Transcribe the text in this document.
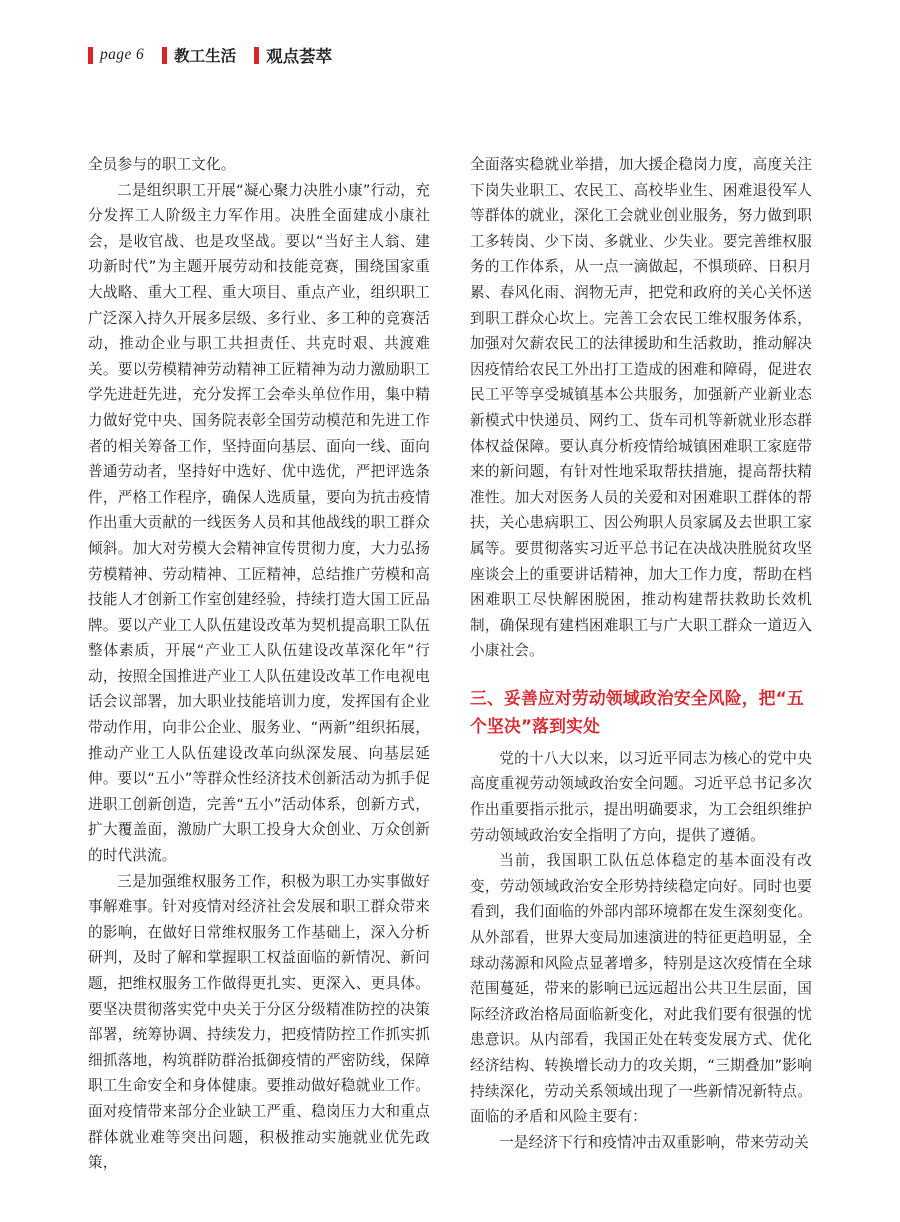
page 6 教工生活 观点荟萃

全员参与的职工文化。

二是组织职工开展“凝心聚力决胜小康”行动，充分发挥工人阶级主力军作用。决胜全面建成小康社会，是收官战、也是攻坚战。要以“当好主人翁、建功新时代”为主题开展劳动和技能竞赛，围绕国家重大战略、重大工程、重大项目、重点产业，组织职工广泛深入持久开展多层级、多行业、多工种的竞赛活动，推动企业与职工共担责任、共克时艰、共渡难关。要以劳模精神劳动精神工匠精神为动力激励职工学先进赶先进，充分发挥工会牵头单位作用，集中精力做好党中央、国务院表彰全国劳动模范和先进工作者的相关筹备工作，坚持面向基层、面向一线、面向普通劳动者，坚持好中选好、优中选优，严把评选条件，严格工作程序，确保人选质量，要向为抗击疫情作出重大贡献的一线医务人员和其他战线的职工群众倾斜。加大对劳模大会精神宣传贯彻力度，大力弘扬劳模精神、劳动精神、工匠精神，总结推广劳模和高技能人才创新工作室创建经验，持续打造大国工匠品牌。要以产业工人队伍建设改革为契机提高职工队伍整体素质，开展“产业工人队伍建设改革深化年”行动，按照全国推进产业工人队伍建设改革工作电视电话会议部署，加大职业技能培训力度，发挥国有企业带动作用，向非公企业、服务业、“两新”组织拓展，推动产业工人队伍建设改革向纵深发展、向基层延伸。要以“五小”等群众性经济技术创新活动为抓手促进职工创新创造，完善“五小”活动体系，创新方式，扩大覆盖面，激励广大职工投身大众创业、万众创新的时代洪流。

三是加强维权服务工作，积极为职工办实事做好事解难事。针对疫情对经济社会发展和职工群众带来的影响，在做好日常维权服务工作基础上，深入分析研判，及时了解和掌握职工权益面临的新情况、新问题，把维权服务工作做得更扎实、更深入、更具体。要坚决贯彻落实党中央关于分区分级精准防控的决策部署，统筹协调、持续发力，把疫情防控工作抓实抓细抓落地，构筑群防群治抵御疫情的严密防线，保障职工生命安全和身体健康。要推动做好稳就业工作。面对疫情带来部分企业缺工严重、稳岗压力大和重点群体就业难等突出问题，积极推动实施就业优先政策，

全面落实稳就业举措，加大援企稳岗力度，高度关注下岗失业职工、农民工、高校毕业生、困难退役军人等群体的就业，深化工会就业创业服务，努力做到职工多转岗、少下岗、多就业、少失业。要完善维权服务的工作体系，从一点一滴做起，不惧琐碎、日积月累、春风化雨、润物无声，把党和政府的关心关怀送到职工群众心坎上。完善工会农民工维权服务体系，加强对欠薪农民工的法律援助和生活救助，推动解决因疫情给农民工外出打工造成的困难和障碍，促进农民工平等享受城镇基本公共服务，加强新产业新业态新模式中快递员、网约工、货车司机等新就业形态群体权益保障。要认真分析疫情给城镇困难职工家庭带来的新问题，有针对性地采取帮扶措施，提高帮扶精准性。加大对医务人员的关爱和对困难职工群体的帮扶，关心患病职工、因公殉职人员家属及去世职工家属等。要贯彻落实习近平总书记在决战决胜脱贫攻坚座谈会上的重要讲话精神，加大工作力度，帮助在档困难职工尽快解困脱困，推动构建帮扶救助长效机制，确保现有建档困难职工与广大职工群众一道迈入小康社会。

三、妥善应对劳动领域政治安全风险，把“五个坚决”落到实处

党的十八大以来，以习近平同志为核心的党中央高度重视劳动领域政治安全问题。习近平总书记多次作出重要指示批示，提出明确要求，为工会组织维护劳动领域政治安全指明了方向，提供了遵循。

当前，我国职工队伍总体稳定的基本面没有改变，劳动领域政治安全形势持续稳定向好。同时也要看到，我们面临的外部内部环境都在发生深刻变化。从外部看，世界大变局加速演进的特征更趋明显，全球动荡源和风险点显著增多，特别是这次疫情在全球范围蔓延，带来的影响已远远超出公共卫生层面，国际经济政治格局面临新变化，对此我们要有很强的忧患意识。从内部看，我国正处在转变发展方式、优化经济结构、转换增长动力的攻关期，“三期叠加”影响持续深化，劳动关系领域出现了一些新情况新特点。面临的矛盾和风险主要有：

一是经济下行和疫情冲击双重影响，带来劳动关
